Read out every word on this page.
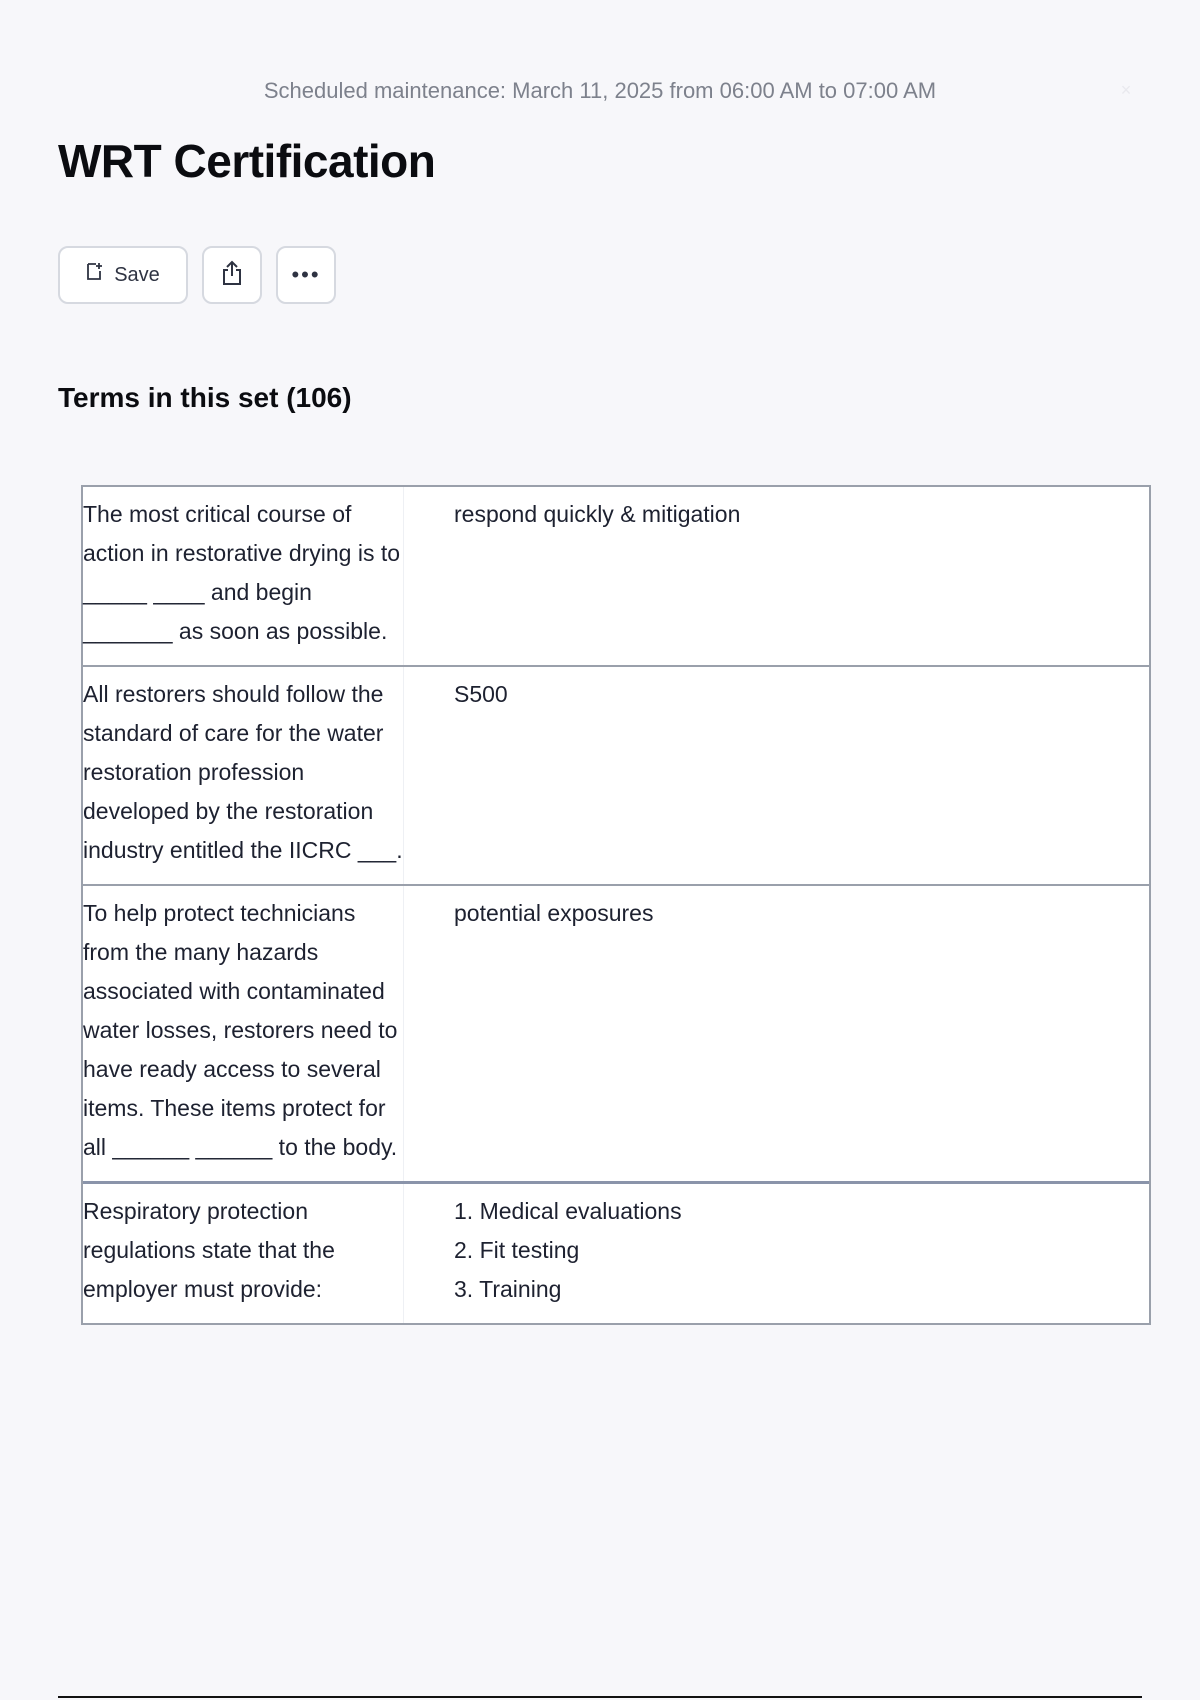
Scheduled maintenance: March 11, 2025 from 06:00 AM to 07:00 AM	×
WRT Certification
Save	•••
Terms in this set (106)
The most critical course of action in restorative drying is to _____ ____ and begin _______ as soon as possible.
respond quickly & mitigation
All restorers should follow the standard of care for the water restoration profession developed by the restoration industry entitled the IICRC ___.
S500
To help protect technicians from the many hazards associated with contaminated water losses, restorers need to have ready access to several items. These items protect for all ______ ______ to the body.
potential exposures
Respiratory protection regulations state that the employer must provide:
1. Medical evaluations
2. Fit testing
3. Training
